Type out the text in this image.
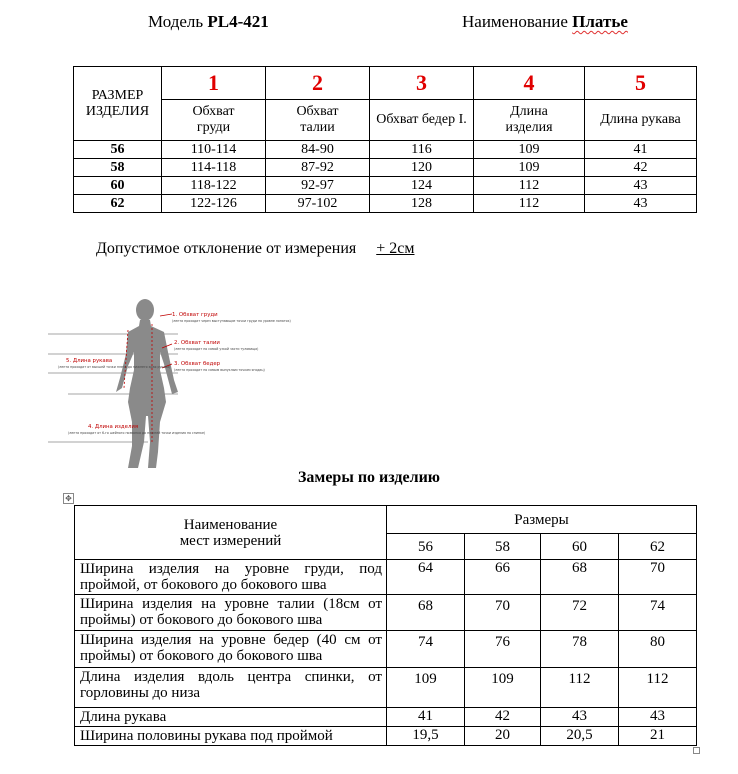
Модель PL4-421	Наименование Платье
РАЗМЕР ИЗДЕЛИЯ	1	2	3	4	5
	Обхват груди	Обхват талии	Обхват бедер I.	Длина изделия	Длина рукава
56	110-114	84-90	116	109	41
58	114-118	87-92	120	109	42
60	118-122	92-97	124	112	43
62	122-126	97-102	128	112	43
Допустимое отклонение от измерения + 2см
1. Обхват груди
(лента проходит через выступающие точки груди на уровне лопаток)
2. Обхват талии
(лента проходит по самой узкой части туловища)
3. Обхват бедер
(лента проходит по самым выпуклым точкам ягодиц)
5. Длина рукава
(лента проходит от высшей точки плеча до нижнего края рукава)
4. Длина изделия
(лента проходит от 6-го шейного позвонка до нижней точки изделия по спинке)
Замеры по изделию
✥
Наименование мест измерений	Размеры			
	56	58	60	62
Ширина изделия на уровне груди, под проймой, от бокового до бокового шва	64	66	68	70
Ширина изделия на уровне талии (18см от проймы) от бокового до бокового шва	68	70	72	74
Ширина изделия на уровне бедер (40 см от проймы) от бокового до бокового шва	74	76	78	80
Длина изделия вдоль центра спинки, от горловины до низа	109	109	112	112
Длина рукава	41	42	43	43
Ширина половины рукава под проймой	19,5	20	20,5	21
